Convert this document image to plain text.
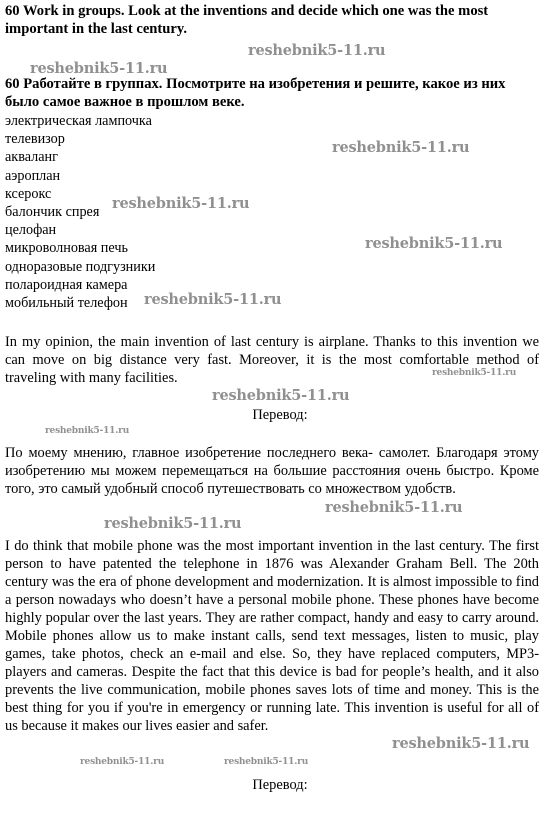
60 Work in groups. Look at the inventions and decide which one was the most important in the last century.

60 Работайте в группах. Посмотрите на изобретения и решите, какое из них было самое важное в прошлом веке.

электрическая лампочка
телевизор
акваланг
аэроплан
ксерокс
балончик спрея
целофан
микроволновая печь
одноразовые подгузники
полароидная камера
мобильный телефон

In my opinion, the main invention of last century is airplane. Thanks to this invention we can move on big distance very fast. Moreover, it is the most comfortable method of traveling with many facilities.

Перевод:

По моему мнению, главное изобретение последнего века- самолет. Благодаря этому изобретению мы можем перемещаться на большие расстояния очень быстро. Кроме того, это самый удобный способ путешествовать со множеством удобств.

I do think that mobile phone was the most important invention in the last century. The first person to have patented the telephone in 1876 was Alexander Graham Bell. The 20th century was the era of phone development and modernization. It is almost impossible to find a person nowadays who doesn’t have a personal mobile phone. These phones have become highly popular over the last years. They are rather compact, handy and easy to carry around. Mobile phones allow us to make instant calls, send text messages, listen to music, play games, take photos, check an e-mail and else. So, they have replaced computers, MP3-players and cameras. Despite the fact that this device is bad for people’s health, and it also prevents the live communication, mobile phones saves lots of time and money. This is the best thing for you if you're in emergency or running late. This invention is useful for all of us because it makes our lives easier and safer.

Перевод:
reshebnik5-11.ru
reshebnik5-11.ru
reshebnik5-11.ru
reshebnik5-11.ru
reshebnik5-11.ru
reshebnik5-11.ru
reshebnik5-11.ru
reshebnik5-11.ru
reshebnik5-11.ru
reshebnik5-11.ru
reshebnik5-11.ru
reshebnik5-11.ru
reshebnik5-11.ru	reshebnik5-11.ru
